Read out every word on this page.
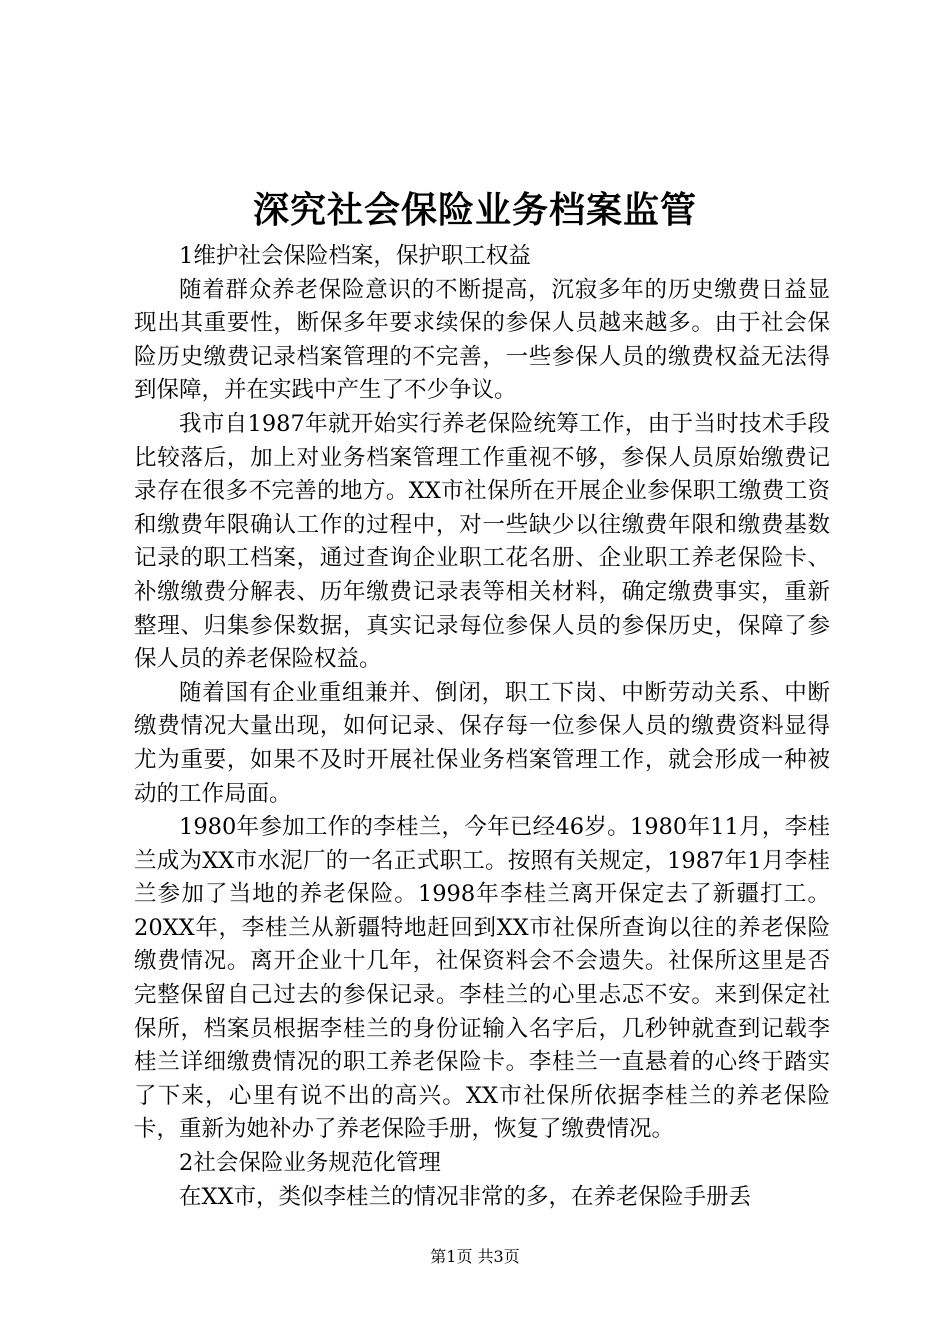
深究社会保险业务档案监管

1维护社会保险档案，保护职工权益

随着群众养老保险意识的不断提高，沉寂多年的历史缴费日益显现出其重要性，断保多年要求续保的参保人员越来越多。由于社会保险历史缴费记录档案管理的不完善，一些参保人员的缴费权益无法得到保障，并在实践中产生了不少争议。

我市自1987年就开始实行养老保险统筹工作，由于当时技术手段比较落后，加上对业务档案管理工作重视不够，参保人员原始缴费记录存在很多不完善的地方。XX市社保所在开展企业参保职工缴费工资和缴费年限确认工作的过程中，对一些缺少以往缴费年限和缴费基数记录的职工档案，通过查询企业职工花名册、企业职工养老保险卡、补缴缴费分解表、历年缴费记录表等相关材料，确定缴费事实，重新整理、归集参保数据，真实记录每位参保人员的参保历史，保障了参保人员的养老保险权益。

随着国有企业重组兼并、倒闭，职工下岗、中断劳动关系、中断缴费情况大量出现，如何记录、保存每一位参保人员的缴费资料显得尤为重要，如果不及时开展社保业务档案管理工作，就会形成一种被动的工作局面。

1980年参加工作的李桂兰，今年已经46岁。1980年11月，李桂兰成为XX市水泥厂的一名正式职工。按照有关规定，1987年1月李桂兰参加了当地的养老保险。1998年李桂兰离开保定去了新疆打工。20XX年，李桂兰从新疆特地赶回到XX市社保所查询以往的养老保险缴费情况。离开企业十几年，社保资料会不会遗失。社保所这里是否完整保留自己过去的参保记录。李桂兰的心里忐忑不安。来到保定社保所，档案员根据李桂兰的身份证输入名字后，几秒钟就查到记载李桂兰详细缴费情况的职工养老保险卡。李桂兰一直悬着的心终于踏实了下来，心里有说不出的高兴。XX市社保所依据李桂兰的养老保险卡，重新为她补办了养老保险手册，恢复了缴费情况。

2社会保险业务规范化管理

在XX市，类似李桂兰的情况非常的多，在养老保险手册丢

第1页 共3页
